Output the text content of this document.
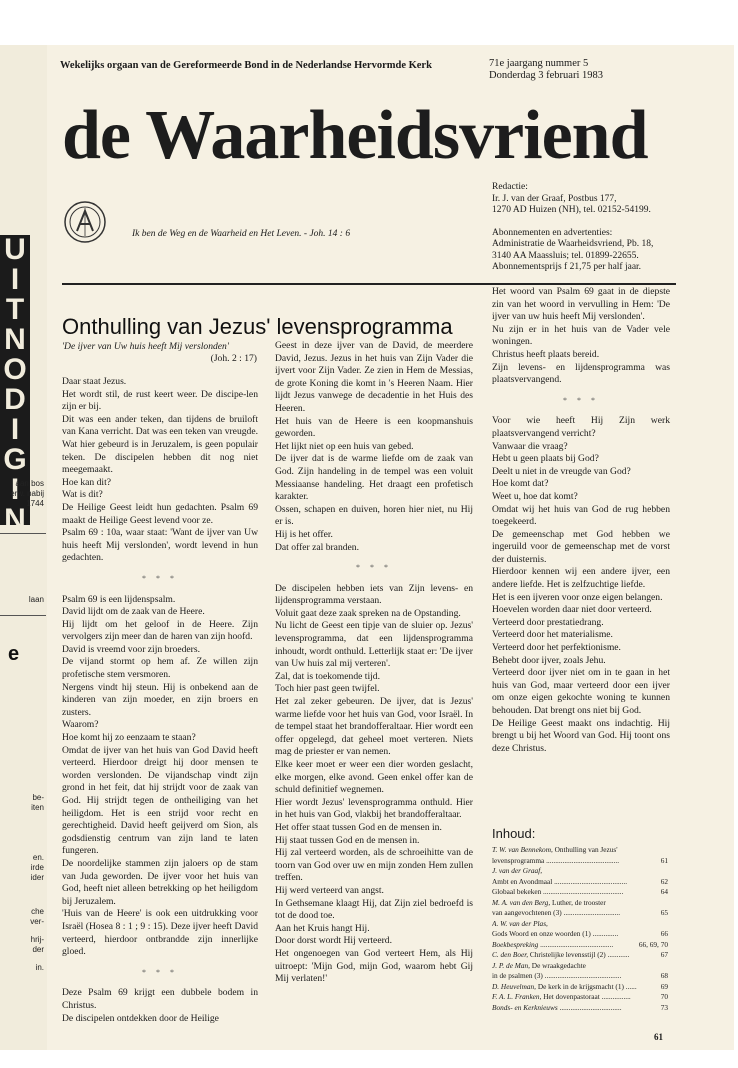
U
I
T
N
O
D
I
G
I
N
aan bos
erw. nabij
1744
laan
e
be-
iten
en.
irde
ider
che
ver-
hrij-
der
in.
Wekelijks orgaan van de Gereformeerde Bond in de Nederlandse Hervormde Kerk	71e jaargang nummer 5
Donderdag 3 februari 1983
de Waarheidsvriend
Ik ben de Weg en de Waarheid en Het Leven. - Joh. 14 : 6
Redactie:
Ir. J. van der Graaf, Postbus 177,
1270 AD Huizen (NH), tel. 02152-54199.
Abonnementen en advertenties:
Administratie de Waarheidsvriend, Pb. 18,
3140 AA Maassluis; tel. 01899-22655.
Abonnementsprijs f 21,75 per half jaar.
Onthulling van Jezus' levensprogramma
'De ijver van Uw huis heeft Mij verslonden'
(Joh. 2 : 17)

Daar staat Jezus.

Het wordt stil, de rust keert weer. De discipe-len zijn er bij.

Dit was een ander teken, dan tijdens de bruiloft van Kana verricht. Dat was een teken van vreugde. Wat hier gebeurd is in Jeruzalem, is geen populair teken. De discipelen hebben dit nog niet meegemaakt.

Hoe kan dit?

Wat is dit?

De Heilige Geest leidt hun gedachten. Psalm 69 maakt de Heilige Geest levend voor ze.

Psalm 69 : 10a, waar staat: 'Want de ijver van Uw huis heeft Mij verslonden', wordt levend in hun gedachten.

* * *

Psalm 69 is een lijdenspsalm.

David lijdt om de zaak van de Heere.

Hij lijdt om het geloof in de Heere. Zijn vervolgers zijn meer dan de haren van zijn hoofd.

David is vreemd voor zijn broeders.

De vijand stormt op hem af. Ze willen zijn profetische stem versmoren.

Nergens vindt hij steun. Hij is onbekend aan de kinderen van zijn moeder, en zijn broers en zusters.

Waarom?

Hoe komt hij zo eenzaam te staan?

Omdat de ijver van het huis van God David heeft verteerd. Hierdoor dreigt hij door mensen te worden verslonden. De vijandschap vindt zijn grond in het feit, dat hij strijdt voor de zaak van God. Hij strijdt tegen de ontheiliging van het heiligdom. Het is een strijd voor recht en gerechtigheid. David heeft geijverd om Sion, als godsdienstig centrum van zijn land te laten fungeren.

De noordelijke stammen zijn jaloers op de stam van Juda geworden. De ijver voor het huis van God, heeft niet alleen betrekking op het heiligdom bij Jeruzalem.

'Huis van de Heere' is ook een uitdrukking voor Israël (Hosea 8 : 1 ; 9 : 15). Deze ijver heeft David verteerd, hierdoor ontbrandde zijn innerlijke gloed.

* * *

Deze Psalm 69 krijgt een dubbele bodem in Christus.

De discipelen ontdekken door de Heilige

Geest in deze ijver van de David, de meerdere David, Jezus. Jezus in het huis van Zijn Vader die ijvert voor Zijn Vader. Ze zien in Hem de Messias, de grote Koning die komt in 's Heeren Naam. Hier lijdt Jezus vanwege de decadentie in het Huis des Heeren.

Het huis van de Heere is een koopmanshuis geworden.

Het lijkt niet op een huis van gebed.

De ijver dat is de warme liefde om de zaak van God. Zijn handeling in de tempel was een voluit Messiaanse handeling. Het draagt een profetisch karakter.

Ossen, schapen en duiven, horen hier niet, nu Hij er is.

Hij is het offer.

Dat offer zal branden.

* * *

De discipelen hebben iets van Zijn levens- en lijdensprogramma verstaan.

Voluit gaat deze zaak spreken na de Opstanding.

Nu licht de Geest een tipje van de sluier op. Jezus' levensprogramma, dat een lijdensprogramma inhoudt, wordt onthuld. Letterlijk staat er: 'De ijver van Uw huis zal mij verteren'.

Zal, dat is toekomende tijd.

Toch hier past geen twijfel.

Het zal zeker gebeuren. De ijver, dat is Jezus' warme liefde voor het huis van God, voor Israël. In de tempel staat het brandofferaltaar. Hier wordt een offer opgelegd, dat geheel moet verteren. Niets mag de priester er van nemen.

Elke keer moet er weer een dier worden geslacht, elke morgen, elke avond. Geen enkel offer kan de schuld definitief wegnemen.

Hier wordt Jezus' levensprogramma onthuld. Hier in het huis van God, vlakbij het brandofferaltaar.

Het offer staat tussen God en de mensen in.

Hij staat tussen God en de mensen in.

Hij zal verteerd worden, als de schroeihitte van de toorn van God over uw en mijn zonden Hem zullen treffen.

Hij werd verteerd van angst.

In Gethsemane klaagt Hij, dat Zijn ziel bedroefd is tot de dood toe.

Aan het Kruis hangt Hij.

Door dorst wordt Hij verteerd.

Het ongenoegen van God verteert Hem, als Hij uitroept: 'Mijn God, mijn God, waarom hebt Gij Mij verlaten!'

Het woord van Psalm 69 gaat in de diepste zin van het woord in vervulling in Hem: 'De ijver van uw huis heeft Mij verslonden'.

Nu zijn er in het huis van de Vader vele woningen.

Christus heeft plaats bereid.

Zijn levens- en lijdensprogramma was plaatsvervangend.

* * *

Voor wie heeft Hij Zijn werk plaatsvervangend verricht?

Vanwaar die vraag?

Hebt u geen plaats bij God?

Deelt u niet in de vreugde van God?

Hoe komt dat?

Weet u, hoe dat komt?

Omdat wij het huis van God de rug hebben toegekeerd.

De gemeenschap met God hebben we ingeruild voor de gemeenschap met de vorst der duisternis.

Hierdoor kennen wij een andere ijver, een andere liefde. Het is zelfzuchtige liefde.

Het is een ijveren voor onze eigen belangen.

Hoevelen worden daar niet door verteerd.

Verteerd door prestatiedrang.

Verteerd door het materialisme.

Verteerd door het perfektionisme.

Behebt door ijver, zoals Jehu.

Verteerd door ijver niet om in te gaan in het huis van God, maar verteerd door een ijver om onze eigen gekochte woning te kunnen behouden. Dat brengt ons niet bij God.

De Heilige Geest maakt ons indachtig. Hij brengt u bij het Woord van God. Hij toont ons deze Christus.

Inhoud:
T. W. van Bennekom, Onthulling van Jezus'
levensprogramma ........................................	61
J. van der Graaf,
Ambt en Avondmaal ........................................	62
Globaal bekeken ............................................	64
M. A. van den Berg, Luther, de trooster
van aangevochtenen (3) ...............................	65
A. W. van der Plas,
Gods Woord en onze woorden (1) ..............	66
Boekbespreking ........................................	66, 69, 70
C. den Boer, Christelijke levensstijl (2) ............	67
J. P. de Man, De wraakgedachte
in de psalmen (3) ..........................................	68
D. Heuvelman, De kerk in de krijgsmacht (1) ......	69
F. A. L. Franken, Het dovenpastoraat ................	70
Bonds- en Kerknieuws ..................................	73
61
